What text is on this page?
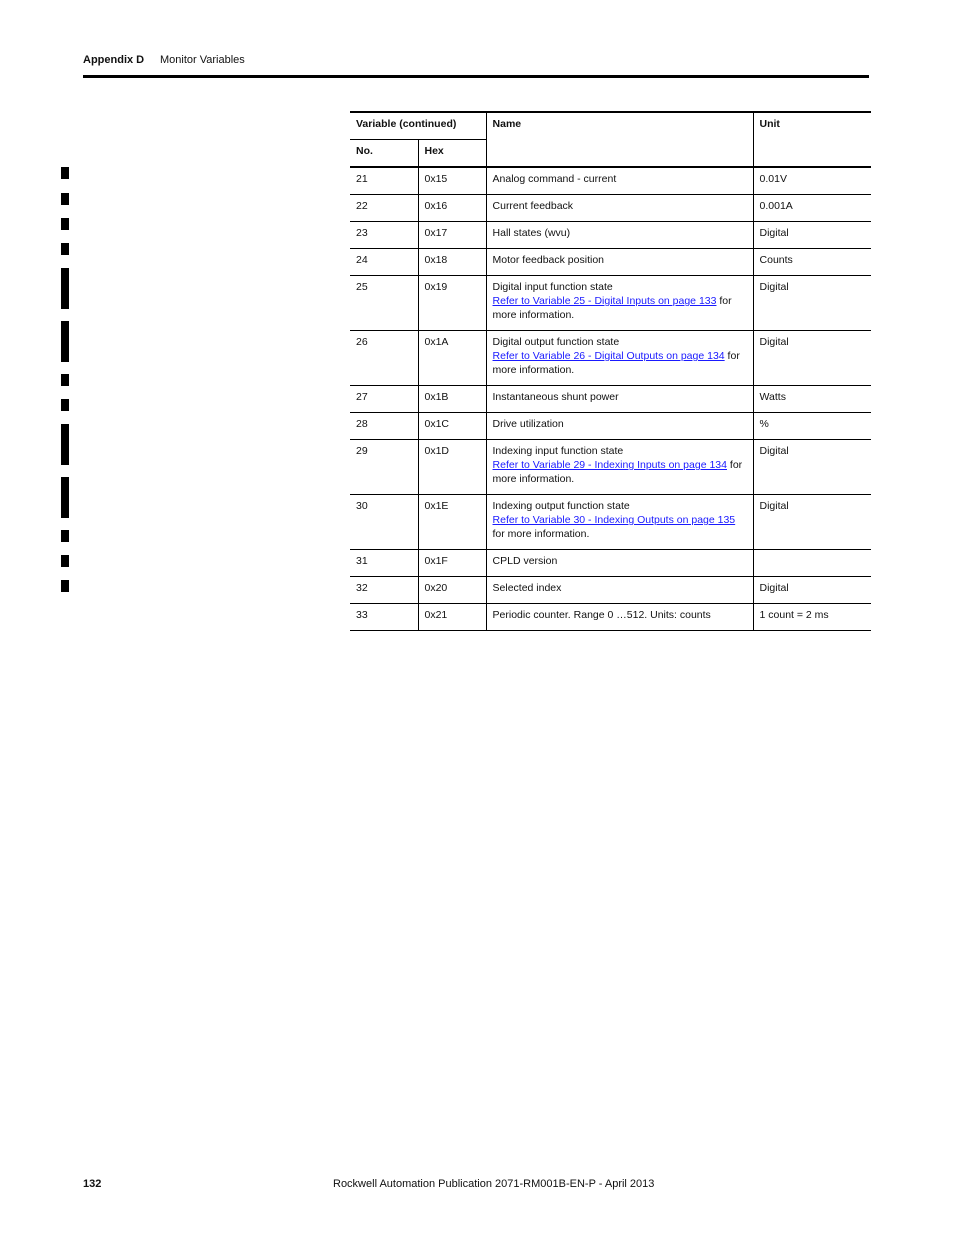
Appendix D Monitor Variables
Variable (continued)		Name	Unit
No.	Hex		
21	0x15	Analog command - current	0.01V
22	0x16	Current feedback	0.001A
23	0x17	Hall states (wvu)	Digital
24	0x18	Motor feedback position	Counts
25	0x19	Digital input function state
Refer to Variable 25 - Digital Inputs on page 133 for more information.	Digital
26	0x1A	Digital output function state
Refer to Variable 26 - Digital Outputs on page 134 for more information.	Digital
27	0x1B	Instantaneous shunt power	Watts
28	0x1C	Drive utilization	%
29	0x1D	Indexing input function state
Refer to Variable 29 - Indexing Inputs on page 134 for more information.	Digital
30	0x1E	Indexing output function state
Refer to Variable 30 - Indexing Outputs on page 135 for more information.	Digital
31	0x1F	CPLD version	

32	0x20	Selected index	Digital
33	0x21	Periodic counter. Range 0 …512. Units: counts	1 count = 2 ms
132	Rockwell Automation Publication 2071-RM001B-EN-P - April 2013
